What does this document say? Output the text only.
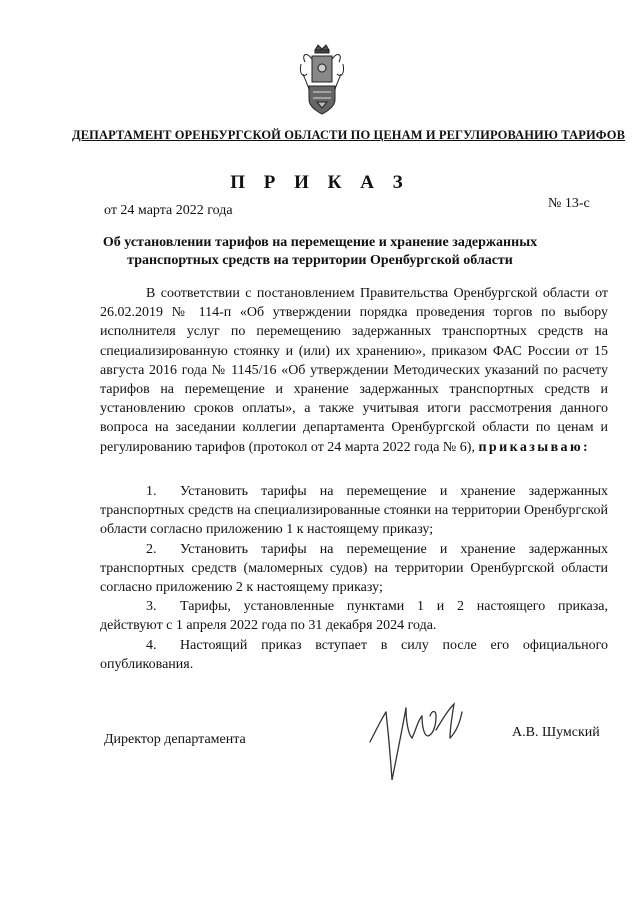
ДЕПАРТАМЕНТ ОРЕНБУРГСКОЙ ОБЛАСТИ ПО ЦЕНАМ И РЕГУЛИРОВАНИЮ ТАРИФОВ
П Р И К А З
от 24 марта 2022 года	№ 13-с
Об установлении тарифов на перемещение и хранение задержанных транспортных средств на территории Оренбургской области
В соответствии с постановлением Правительства Оренбургской области от 26.02.2019 № 114-п «Об утверждении порядка проведения торгов по выбору исполнителя услуг по перемещению задержанных транспортных средств на специализированную стоянку и (или) их хранению», приказом ФАС России от 15 августа 2016 года № 1145/16 «Об утверждении Методических указаний по расчету тарифов на перемещение и хранение задержанных транспортных средств и установлению сроков оплаты», а также учитывая итоги рассмотрения данного вопроса на заседании коллегии департамента Оренбургской области по ценам и регулированию тарифов (протокол от 24 марта 2022 года № 6), приказываю:
1. Установить тарифы на перемещение и хранение задержанных транспортных средств на специализированные стоянки на территории Оренбургской области согласно приложению 1 к настоящему приказу;
2. Установить тарифы на перемещение и хранение задержанных транспортных средств (маломерных судов) на территории Оренбургской области согласно приложению 2 к настоящему приказу;
3. Тарифы, установленные пунктами 1 и 2 настоящего приказа, действуют с 1 апреля 2022 года по 31 декабря 2024 года.
4. Настоящий приказ вступает в силу после его официального опубликования.
Директор департамента	А.В. Шумский
